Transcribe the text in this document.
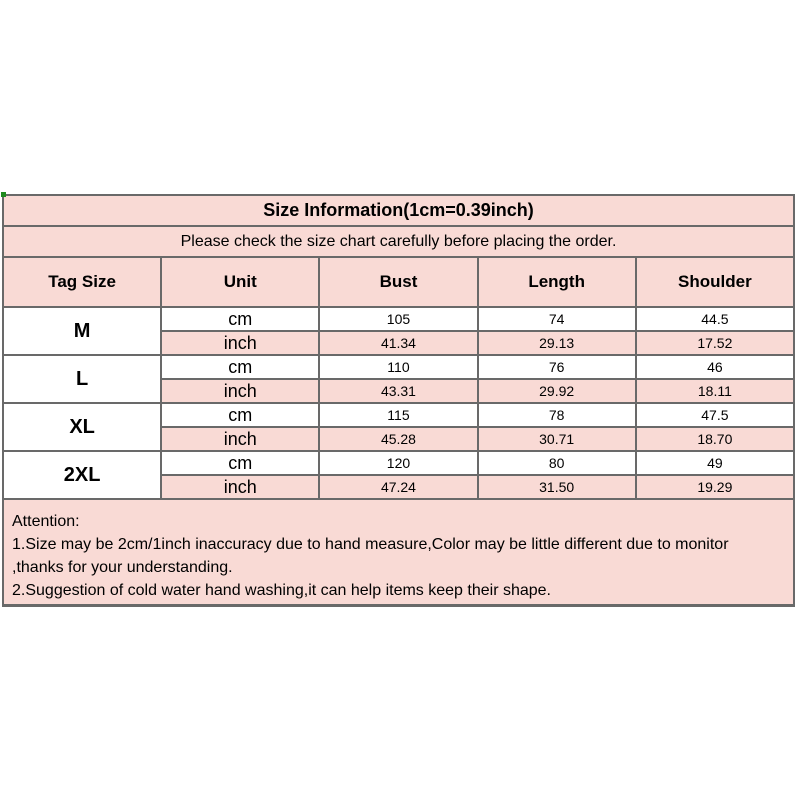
Size Information(1cm=0.39inch)				
Please check the size chart carefully before placing the order.				
Tag Size	Unit	Bust	Length	Shoulder
M	cm	105	74	44.5
	inch	41.34	29.13	17.52
L	cm	110	76	46
	inch	43.31	29.92	18.11
XL	cm	115	78	47.5
	inch	45.28	30.71	18.70
2XL	cm	120	80	49
	inch	47.24	31.50	19.29
Attention:
1.Size may be 2cm/1inch inaccuracy due to hand measure,Color may be little different due to monitor
,thanks for your understanding.
2.Suggestion of cold water hand washing,it can help items keep their shape.
